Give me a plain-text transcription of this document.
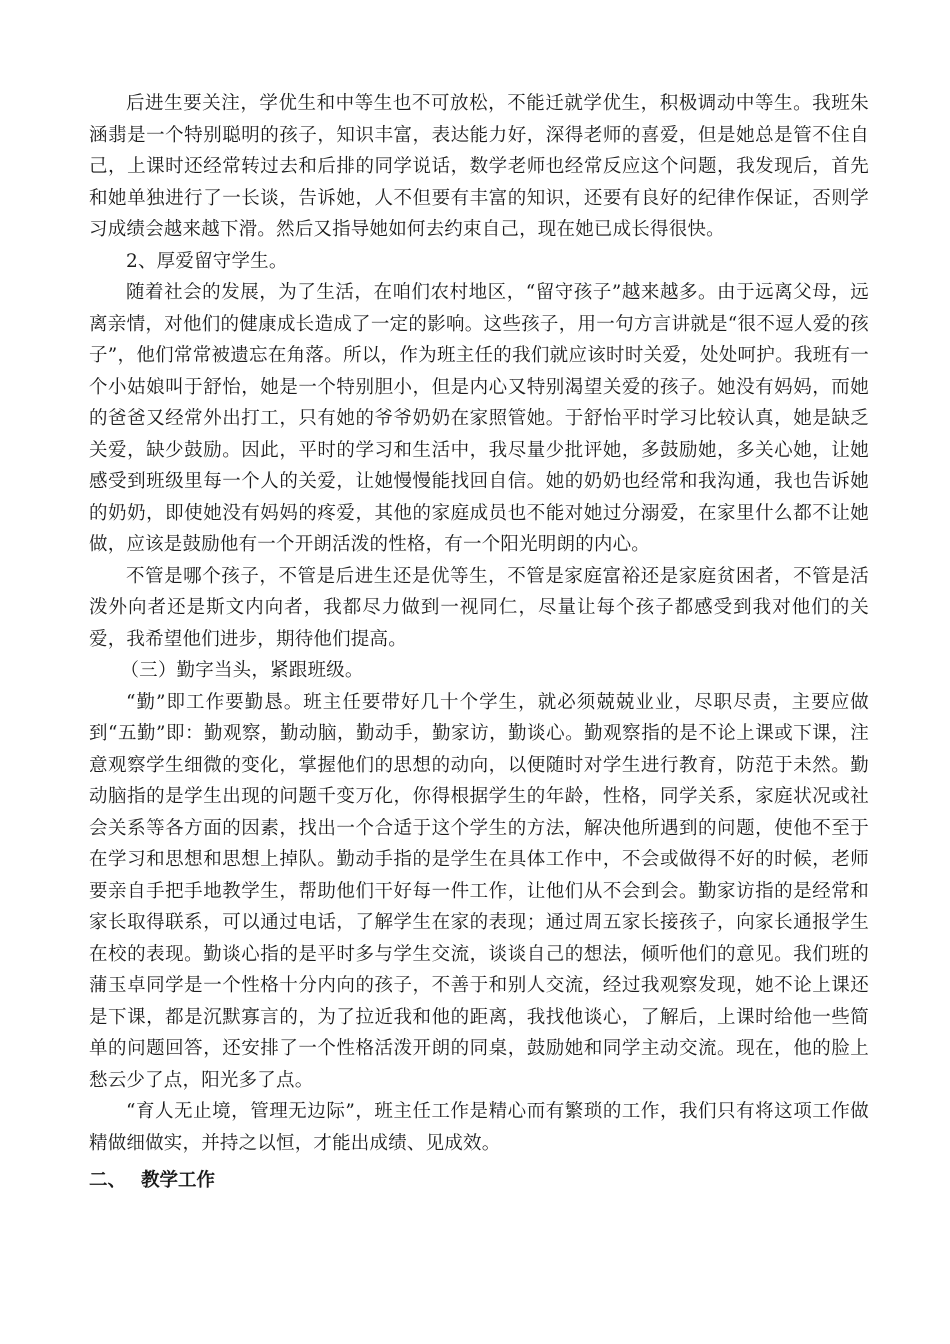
后进生要关注，学优生和中等生也不可放松，不能迁就学优生，积极调动中等生。我班朱涵翡是一个特别聪明的孩子，知识丰富，表达能力好，深得老师的喜爱，但是她总是管不住自己，上课时还经常转过去和后排的同学说话，数学老师也经常反应这个问题，我发现后，首先和她单独进行了一长谈，告诉她，人不但要有丰富的知识，还要有良好的纪律作保证，否则学习成绩会越来越下滑。然后又指导她如何去约束自己，现在她已成长得很快。

2、厚爱留守学生。

随着社会的发展，为了生活，在咱们农村地区，“留守孩子”越来越多。由于远离父母，远离亲情，对他们的健康成长造成了一定的影响。这些孩子，用一句方言讲就是“很不逗人爱的孩子”，他们常常被遗忘在角落。所以，作为班主任的我们就应该时时关爱，处处呵护。我班有一个小姑娘叫于舒怡，她是一个特别胆小，但是内心又特别渴望关爱的孩子。她没有妈妈，而她的爸爸又经常外出打工，只有她的爷爷奶奶在家照管她。于舒怡平时学习比较认真，她是缺乏关爱，缺少鼓励。因此，平时的学习和生活中，我尽量少批评她，多鼓励她，多关心她，让她感受到班级里每一个人的关爱，让她慢慢能找回自信。她的奶奶也经常和我沟通，我也告诉她的奶奶，即使她没有妈妈的疼爱，其他的家庭成员也不能对她过分溺爱，在家里什么都不让她做，应该是鼓励他有一个开朗活泼的性格，有一个阳光明朗的内心。

不管是哪个孩子，不管是后进生还是优等生，不管是家庭富裕还是家庭贫困者，不管是活泼外向者还是斯文内向者，我都尽力做到一视同仁，尽量让每个孩子都感受到我对他们的关爱，我希望他们进步，期待他们提高。

（三）勤字当头，紧跟班级。

“勤”即工作要勤恳。班主任要带好几十个学生，就必须兢兢业业，尽职尽责，主要应做到“五勤”即：勤观察，勤动脑，勤动手，勤家访，勤谈心。勤观察指的是不论上课或下课，注意观察学生细微的变化，掌握他们的思想的动向，以便随时对学生进行教育，防范于未然。勤动脑指的是学生出现的问题千变万化，你得根据学生的年龄，性格，同学关系，家庭状况或社会关系等各方面的因素，找出一个合适于这个学生的方法，解决他所遇到的问题，使他不至于在学习和思想和思想上掉队。勤动手指的是学生在具体工作中，不会或做得不好的时候，老师要亲自手把手地教学生，帮助他们干好每一件工作，让他们从不会到会。勤家访指的是经常和家长取得联系，可以通过电话，了解学生在家的表现；通过周五家长接孩子，向家长通报学生在校的表现。勤谈心指的是平时多与学生交流，谈谈自己的想法，倾听他们的意见。我们班的蒲玉卓同学是一个性格十分内向的孩子，不善于和别人交流，经过我观察发现，她不论上课还是下课，都是沉默寡言的，为了拉近我和他的距离，我找他谈心，了解后，上课时给他一些简单的问题回答，还安排了一个性格活泼开朗的同桌，鼓励她和同学主动交流。现在，他的脸上愁云少了点，阳光多了点。

“育人无止境，管理无边际”，班主任工作是精心而有繁琐的工作，我们只有将这项工作做精做细做实，并持之以恒，才能出成绩、见成效。

二、 教学工作
